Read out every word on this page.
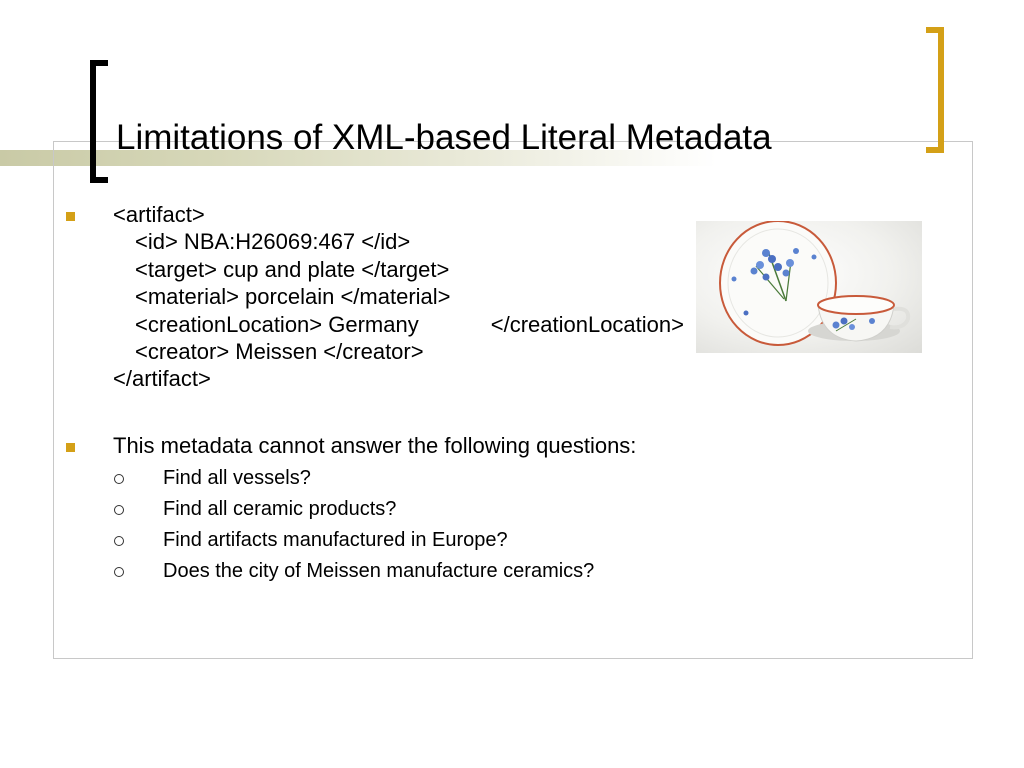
Limitations of XML-based Literal Metadata
<artifact>
<id> NBA:H26069:467 </id>
<target> cup and plate </target>
<material> porcelain </material>
<creationLocation> Germany	</creationLocation>
<creator> Meissen </creator>
</artifact>
This metadata cannot answer the following questions:
Find all vessels?
Find all ceramic products?
Find artifacts manufactured in Europe?
Does the city of Meissen manufacture ceramics?
